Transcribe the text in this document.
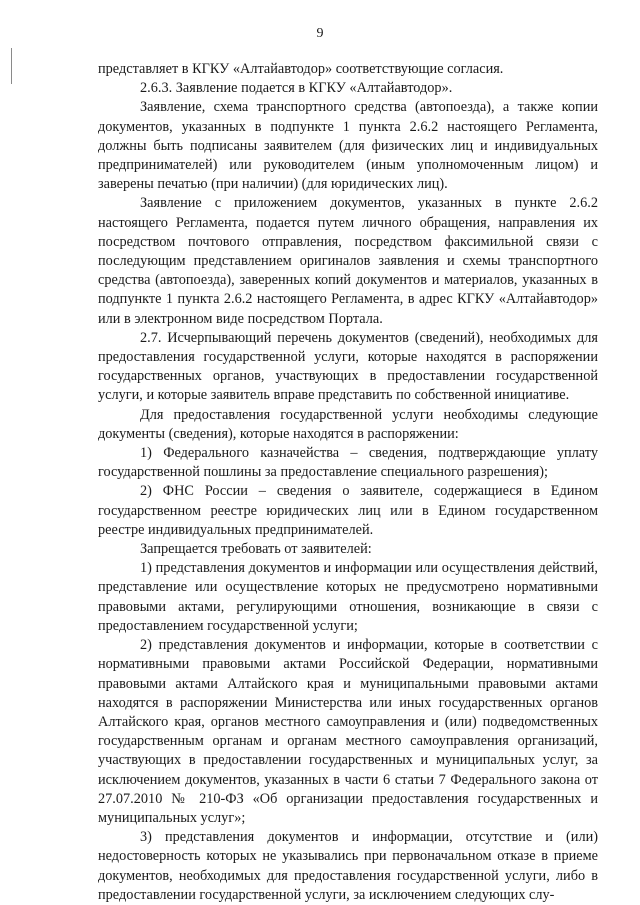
9

представляет в КГКУ «Алтайавтодор» соответствующие согласия.

2.6.3. Заявление подается в КГКУ «Алтайавтодор».

Заявление, схема транспортного средства (автопоезда), а также копии документов, указанных в подпункте 1 пункта 2.6.2 настоящего Регламента, должны быть подписаны заявителем (для физических лиц и индивидуальных предпринимателей) или руководителем (иным уполномоченным лицом) и заверены печатью (при наличии) (для юридических лиц).

Заявление с приложением документов, указанных в пункте 2.6.2 настоящего Регламента, подается путем личного обращения, направления их посредством почтового отправления, посредством факсимильной связи с последующим представлением оригиналов заявления и схемы транспортного средства (автопоезда), заверенных копий документов и материалов, указанных в подпункте 1 пункта 2.6.2 настоящего Регламента, в адрес КГКУ «Алтайавтодор» или в электронном виде посредством Портала.

2.7. Исчерпывающий перечень документов (сведений), необходимых для предоставления государственной услуги, которые находятся в распоряжении государственных органов, участвующих в предоставлении государственной услуги, и которые заявитель вправе представить по собственной инициативе.

Для предоставления государственной услуги необходимы следующие документы (сведения), которые находятся в распоряжении:

1) Федерального казначейства – сведения, подтверждающие уплату государственной пошлины за предоставление специального разрешения);

2) ФНС России – сведения о заявителе, содержащиеся в Едином государственном реестре юридических лиц или в Едином государственном реестре индивидуальных предпринимателей.

Запрещается требовать от заявителей:

1) представления документов и информации или осуществления действий, представление или осуществление которых не предусмотрено нормативными правовыми актами, регулирующими отношения, возникающие в связи с предоставлением государственной услуги;

2) представления документов и информации, которые в соответствии с нормативными правовыми актами Российской Федерации, нормативными правовыми актами Алтайского края и муниципальными правовыми актами находятся в распоряжении Министерства или иных государственных органов Алтайского края, органов местного самоуправления и (или) подведомственных государственным органам и органам местного самоуправления организаций, участвующих в предоставлении государственных и муниципальных услуг, за исключением документов, указанных в части 6 статьи 7 Федерального закона от 27.07.2010 № 210-ФЗ «Об организации предоставления государственных и муниципальных услуг»;

3) представления документов и информации, отсутствие и (или) недостоверность которых не указывались при первоначальном отказе в приеме документов, необходимых для предоставления государственной услуги, либо в предоставлении государственной услуги, за исключением следующих слу-
